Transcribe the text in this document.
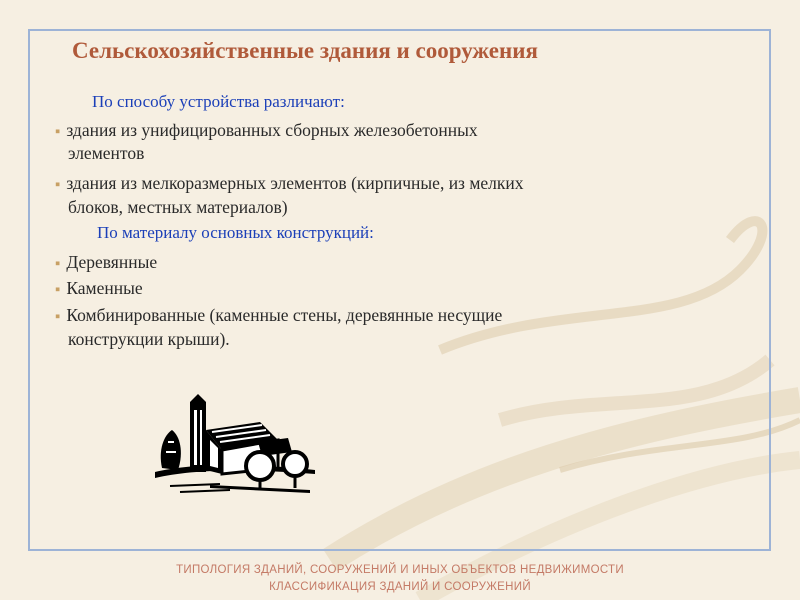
Сельскохозяйственные здания и сооружения
По способу устройства различают:
▪ здания из унифицированных сборных железобетонных
элементов
▪ здания из мелкоразмерных элементов (кирпичные, из мелких
блоков, местных материалов)
По материалу основных конструкций:
▪ Деревянные
▪ Каменные
▪ Комбинированные (каменные стены, деревянные несущие
конструкции крыши).
ТИПОЛОГИЯ ЗДАНИЙ, СООРУЖЕНИЙ И ИНЫХ ОБЪЕКТОВ НЕДВИЖИМОСТИ
КЛАССИФИКАЦИЯ ЗДАНИЙ И СООРУЖЕНИЙ
